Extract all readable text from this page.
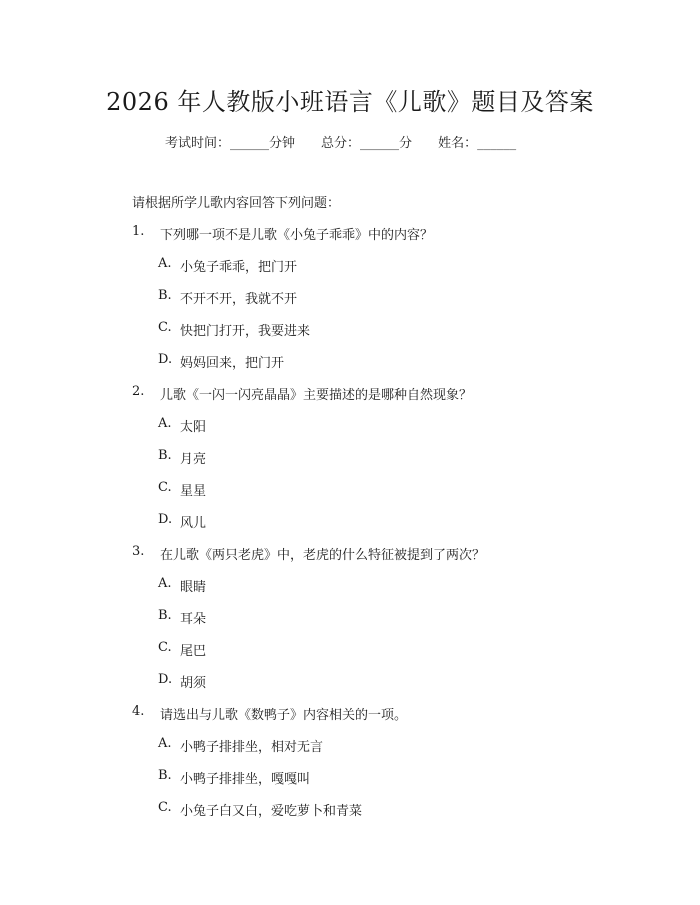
2026 年人教版小班语言《儿歌》题目及答案
考试时间：______分钟 总分：______分 姓名：______
请根据所学儿歌内容回答下列问题：
1. 下列哪一项不是儿歌《小兔子乖乖》中的内容？
A. 小兔子乖乖，把门开
B. 不开不开，我就不开
C. 快把门打开，我要进来
D. 妈妈回来，把门开
2. 儿歌《一闪一闪亮晶晶》主要描述的是哪种自然现象？
A. 太阳
B. 月亮
C. 星星
D. 风儿
3. 在儿歌《两只老虎》中，老虎的什么特征被提到了两次？
A. 眼睛
B. 耳朵
C. 尾巴
D. 胡须
4. 请选出与儿歌《数鸭子》内容相关的一项。
A. 小鸭子排排坐，相对无言
B. 小鸭子排排坐，嘎嘎叫
C. 小兔子白又白，爱吃萝卜和青菜
